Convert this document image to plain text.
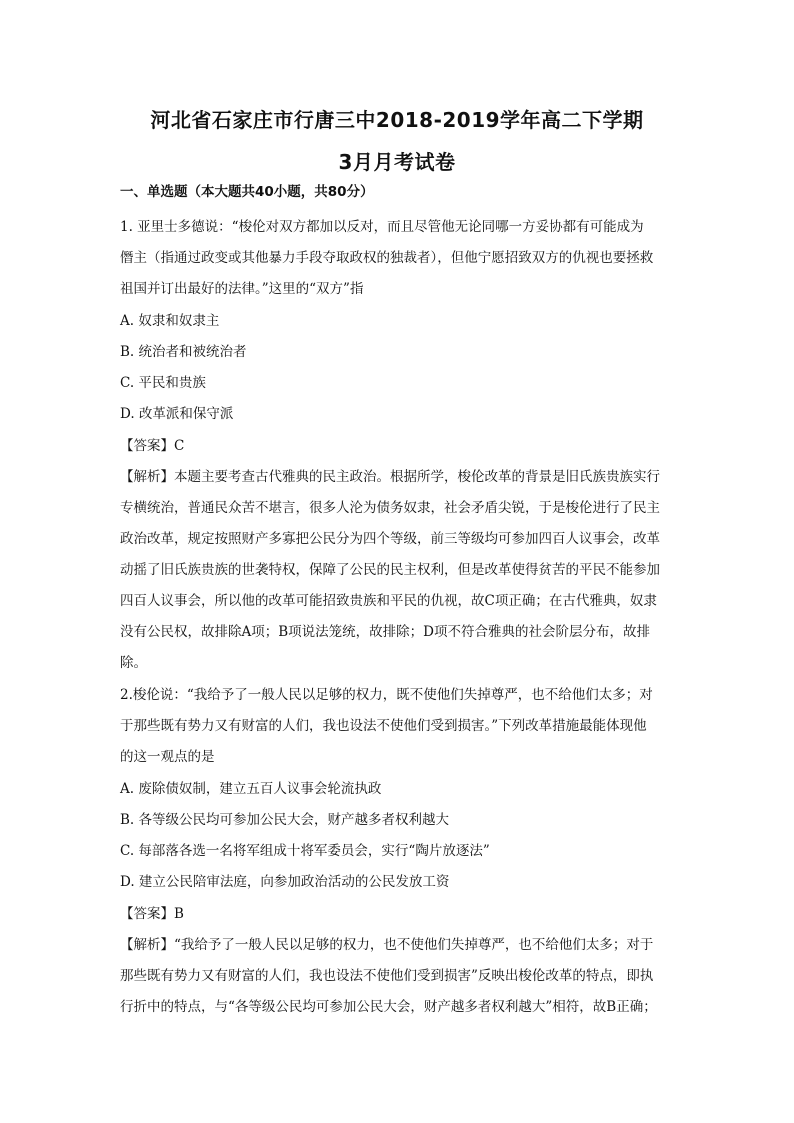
河北省石家庄市行唐三中2018-2019学年高二下学期
3月月考试卷
一、单选题（本大题共40小题，共80分）
1. 亚里士多德说：“梭伦对双方都加以反对，而且尽管他无论同哪一方妥协都有可能成为
僭主（指通过政变或其他暴力手段夺取政权的独裁者），但他宁愿招致双方的仇视也要拯救
祖国并订出最好的法律。”这里的“双方”指
A. 奴隶和奴隶主
B. 统治者和被统治者
C. 平民和贵族
D. 改革派和保守派
【答案】C
【解析】本题主要考查古代雅典的民主政治。根据所学，梭伦改革的背景是旧氏族贵族实行
专横统治，普通民众苦不堪言，很多人沦为债务奴隶，社会矛盾尖锐，于是梭伦进行了民主
政治改革，规定按照财产多寡把公民分为四个等级，前三等级均可参加四百人议事会，改革
动摇了旧氏族贵族的世袭特权，保障了公民的民主权利，但是改革使得贫苦的平民不能参加
四百人议事会，所以他的改革可能招致贵族和平民的仇视，故C项正确；在古代雅典，奴隶
没有公民权，故排除A项；B项说法笼统，故排除；D项不符合雅典的社会阶层分布，故排
除。
2.梭伦说：“我给予了一般人民以足够的权力，既不使他们失掉尊严，也不给他们太多；对
于那些既有势力又有财富的人们，我也设法不使他们受到损害。”下列改革措施最能体现他
的这一观点的是
A. 废除债奴制，建立五百人议事会轮流执政
B. 各等级公民均可参加公民大会，财产越多者权利越大
C. 每部落各选一名将军组成十将军委员会，实行“陶片放逐法”
D. 建立公民陪审法庭，向参加政治活动的公民发放工资
【答案】B
【解析】“我给予了一般人民以足够的权力，也不使他们失掉尊严，也不给他们太多；对于
那些既有势力又有财富的人们，我也设法不使他们受到损害”反映出梭伦改革的特点，即执
行折中的特点，与“各等级公民均可参加公民大会，财产越多者权利越大”相符，故B正确；
